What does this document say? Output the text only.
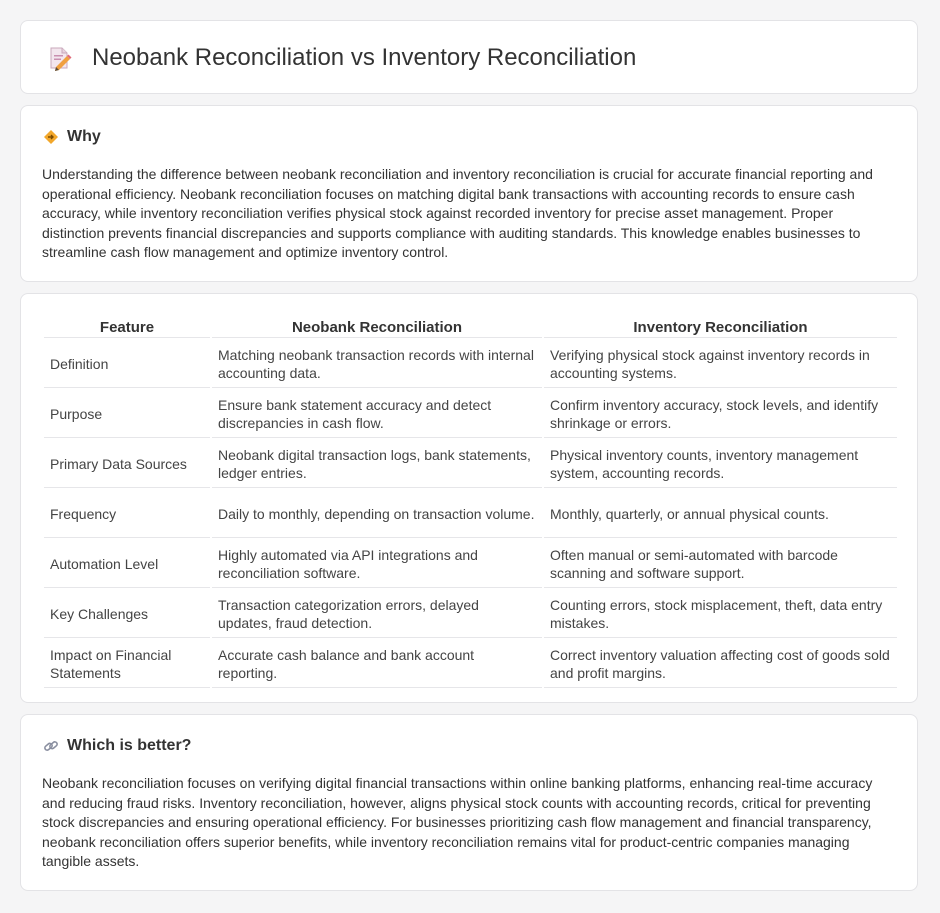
Neobank Reconciliation vs Inventory Reconciliation
Why

Understanding the difference between neobank reconciliation and inventory reconciliation is crucial for accurate financial reporting and operational efficiency. Neobank reconciliation focuses on matching digital bank transactions with accounting records to ensure cash accuracy, while inventory reconciliation verifies physical stock against recorded inventory for precise asset management. Proper distinction prevents financial discrepancies and supports compliance with auditing standards. This knowledge enables businesses to streamline cash flow management and optimize inventory control.

Feature	Neobank Reconciliation	Inventory Reconciliation
Definition	Matching neobank transaction records with internal accounting data.	Verifying physical stock against inventory records in accounting systems.
Purpose	Ensure bank statement accuracy and detect discrepancies in cash flow.	Confirm inventory accuracy, stock levels, and identify shrinkage or errors.
Primary Data Sources	Neobank digital transaction logs, bank statements, ledger entries.	Physical inventory counts, inventory management system, accounting records.
Frequency	Daily to monthly, depending on transaction volume.	Monthly, quarterly, or annual physical counts.
Automation Level	Highly automated via API integrations and reconciliation software.	Often manual or semi-automated with barcode scanning and software support.
Key Challenges	Transaction categorization errors, delayed updates, fraud detection.	Counting errors, stock misplacement, theft, data entry mistakes.
Impact on Financial Statements	Accurate cash balance and bank account reporting.	Correct inventory valuation affecting cost of goods sold and profit margins.
Which is better?

Neobank reconciliation focuses on verifying digital financial transactions within online banking platforms, enhancing real-time accuracy and reducing fraud risks. Inventory reconciliation, however, aligns physical stock counts with accounting records, critical for preventing stock discrepancies and ensuring operational efficiency. For businesses prioritizing cash flow management and financial transparency, neobank reconciliation offers superior benefits, while inventory reconciliation remains vital for product-centric companies managing tangible assets.
